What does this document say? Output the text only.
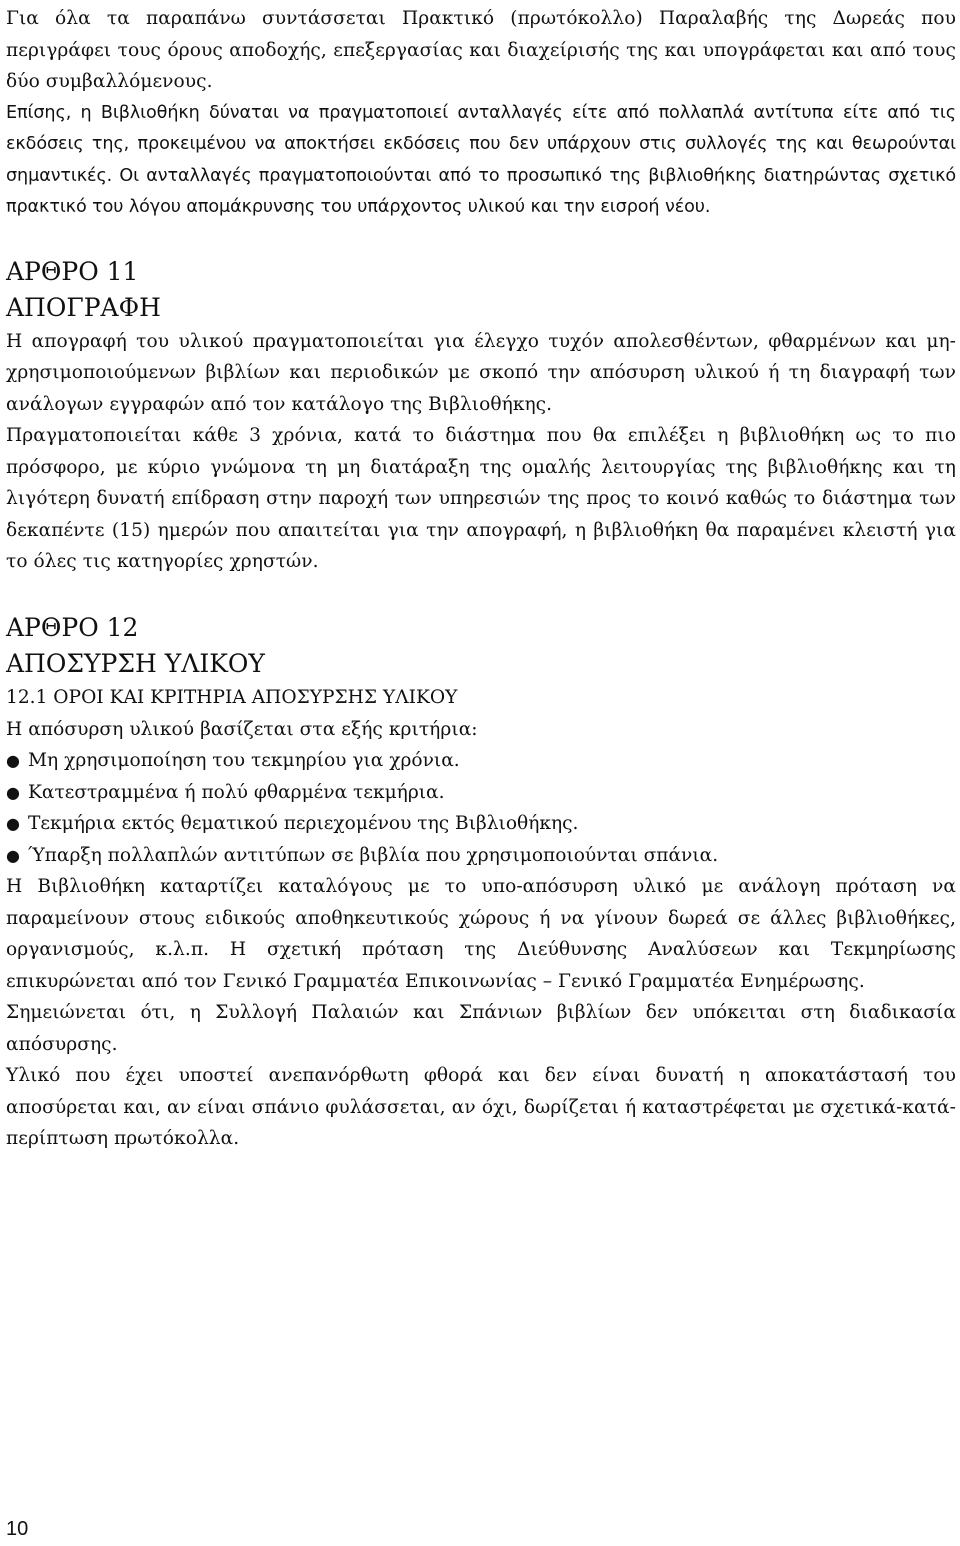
Για όλα τα παραπάνω συντάσσεται Πρακτικό (πρωτόκολλο) Παραλαβής της Δωρεάς που περιγράφει τους όρους αποδοχής, επεξεργασίας και διαχείρισής της και υπογράφεται και από τους δύο συμβαλλόμενους.

Επίσης, η Βιβλιοθήκη δύναται να πραγματοποιεί ανταλλαγές είτε από πολλαπλά αντίτυπα είτε από τις εκδόσεις της, προκειμένου να αποκτήσει εκδόσεις που δεν υπάρχουν στις συλλογές της και θεωρούνται σημαντικές. Οι ανταλλαγές πραγματοποιούνται από το προσωπικό της βιβλιοθήκης διατηρώντας σχετικό πρακτικό του λόγου απομάκρυνσης του υπάρχοντος υλικού και την εισροή νέου.

ΑΡΘΡΟ 11
ΑΠΟΓΡΑΦΗ

Η απογραφή του υλικού πραγματοποιείται για έλεγχο τυχόν απολεσθέντων, φθαρμένων και μη-χρησιμοποιούμενων βιβλίων και περιοδικών με σκοπό την απόσυρση υλικού ή τη διαγραφή των ανάλογων εγγραφών από τον κατάλογο της Βιβλιοθήκης.

Πραγματοποιείται κάθε 3 χρόνια, κατά το διάστημα που θα επιλέξει η βιβλιοθήκη ως το πιο πρόσφορο, με κύριο γνώμονα τη μη διατάραξη της ομαλής λειτουργίας της βιβλιοθήκης και τη λιγότερη δυνατή επίδραση στην παροχή των υπηρεσιών της προς το κοινό καθώς το διάστημα των δεκαπέντε (15) ημερών που απαιτείται για την απογραφή, η βιβλιοθήκη θα παραμένει κλειστή για το όλες τις κατηγορίες χρηστών.

ΑΡΘΡΟ 12
ΑΠΟΣΥΡΣΗ ΥΛΙΚΟΥ

12.1 ΟΡΟΙ ΚΑΙ ΚΡΙΤΗΡΙΑ ΑΠΟΣΥΡΣΗΣ ΥΛΙΚΟΥ

Η απόσυρση υλικού βασίζεται στα εξής κριτήρια:

● Μη χρησιμοποίηση του τεκμηρίου για χρόνια.
● Κατεστραμμένα ή πολύ φθαρμένα τεκμήρια.
● Τεκμήρια εκτός θεματικού περιεχομένου της Βιβλιοθήκης.
● Ύπαρξη πολλαπλών αντιτύπων σε βιβλία που χρησιμοποιούνται σπάνια.

Η Βιβλιοθήκη καταρτίζει καταλόγους με το υπο-απόσυρση υλικό με ανάλογη πρόταση να παραμείνουν στους ειδικούς αποθηκευτικούς χώρους ή να γίνουν δωρεά σε άλλες βιβλιοθήκες, οργανισμούς, κ.λ.π. Η σχετική πρόταση της Διεύθυνσης Αναλύσεων και Τεκμηρίωσης επικυρώνεται από τον Γενικό Γραμματέα Επικοινωνίας – Γενικό Γραμματέα Ενημέρωσης.

Σημειώνεται ότι, η Συλλογή Παλαιών και Σπάνιων βιβλίων δεν υπόκειται στη διαδικασία απόσυρσης.

Υλικό που έχει υποστεί ανεπανόρθωτη φθορά και δεν είναι δυνατή η αποκατάστασή του αποσύρεται και, αν είναι σπάνιο φυλάσσεται, αν όχι, δωρίζεται ή καταστρέφεται με σχετικά-κατά-περίπτωση πρωτόκολλα.

10
